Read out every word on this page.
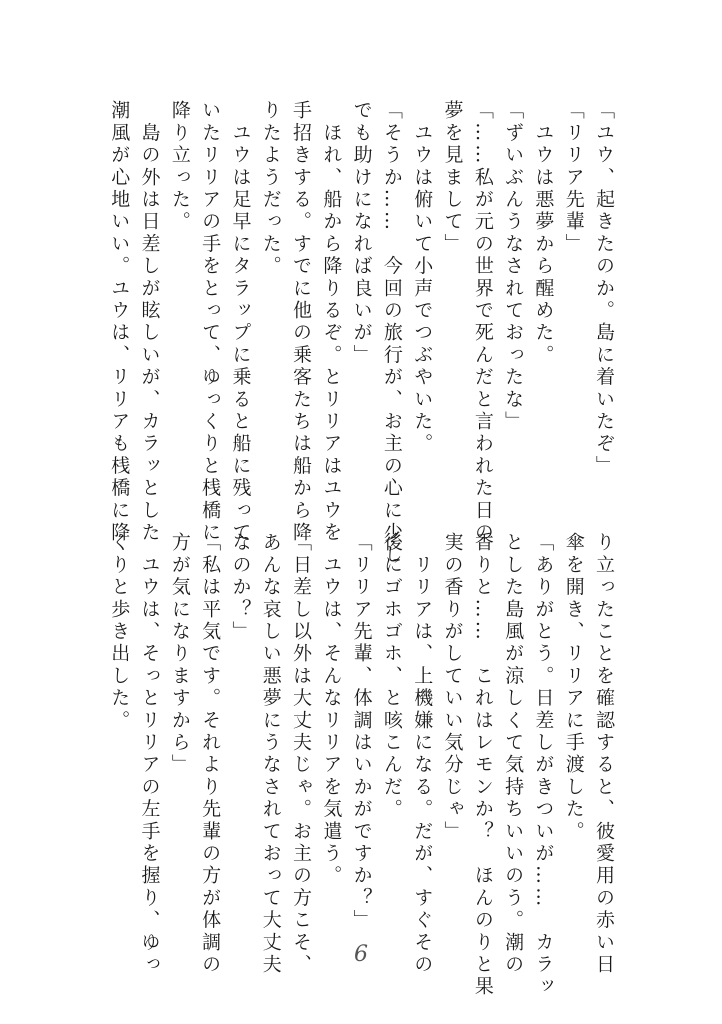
「ユウ、起きたのか。島に着いたぞ」
「リリア先輩」
　ユウは悪夢から醒めた。
「ずいぶんうなされておったな」
「……私が元の世界で死んだと言われた日の
夢を見まして」
　ユウは俯いて小声でつぶやいた。
「そうか……　今回の旅行が、お主の心に少し
でも助けになれば良いが」
　ほれ、船から降りるぞ。とリリアはユウを
手招きする。すでに他の乗客たちは船から降
りたようだった。
　ユウは足早にタラップに乗ると船に残って
いたリリアの手をとって、ゆっくりと桟橋に
降り立った。
　島の外は日差しが眩しいが、カラッとした
潮風が心地いい。ユウは、リリアも桟橋に降
り立ったことを確認すると、彼愛用の赤い日
傘を開き、リリアに手渡した。
「ありがとう。日差しがきついが……　カラッ
とした島風が涼しくて気持ちいいのう。潮の
香りと……　これはレモンか？　ほんのりと果
実の香りがしていい気分じゃ」
　リリアは、上機嫌になる。だが、すぐその
後にゴホゴホ、と咳こんだ。
「リリア先輩、体調はいかがですか？」
　ユウは、そんなリリアを気遣う。
「日差し以外は大丈夫じゃ。お主の方こそ、
あんな哀しい悪夢にうなされておって大丈夫
なのか？」
「私は平気です。それより先輩の方が体調の
方が気になりますから」
　ユウは、そっとリリアの左手を握り、ゆっ
くりと歩き出した。
6
